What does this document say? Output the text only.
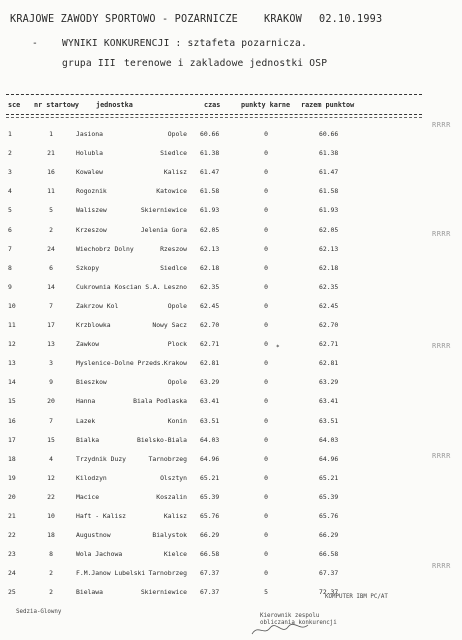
KRAJOWE ZAWODY SPORTOWO - POZARNICZE	KRAKOW 02.10.1993
-	WYNIKI KONKURENCJI : sztafeta pozarnicza.
grupa III terenowe i zakladowe jednostki OSP
sce nr startowy jednostka	czas	punkty karne razem punktow
1	1	Jasiona	Opole 60.66	0	60.66
2	21	Holubla	Siedlce 61.38	0	61.38
3	16	Kowalew	Kalisz 61.47	0	61.47
4	11	Rogoznik	Katowice 61.58	0	61.58
5	5	Waliszew	Skierniewice 61.93	0	61.93
6	2	Krzeszow	Jelenia Gora 62.05	0	62.05
7	24	Wiechobrz Dolny	Rzeszow 62.13	0	62.13
8	6	Szkopy	Siedlce 62.18	0	62.18
9	14	Cukrownia Koscian S.A. Leszno 62.35	0	62.35
10	7	Zakrzow Kol	Opole 62.45	0	62.45
11	17	Krzblowka	Nowy Sacz 62.70	0	62.70
12	13	Zawkow	Plock 62.71	0	62.71
13	3	Myslenice-Dolne Przeds. Krakow 62.81	0	62.81
14	9	Bieszkow	Opole 63.29	0	63.29
15	20	Hanna	Biala Podlaska 63.41	0	63.41
16	7	Lazek	Konin 63.51	0	63.51
17	15	Bialka	Bielsko-Biala 64.03	0	64.03
18	4	Trzydnik Duzy	Tarnobrzeg 64.96	0	64.96
19	12	Kilodzyn	Olsztyn 65.21	0	65.21
20	22	Macice	Koszalin 65.39	0	65.39
21	10	Haft - Kalisz	Kalisz 65.76	0	65.76
22	18	Augustnow	Bialystok 66.29	0	66.29
23	8	Wola Jachowa	Kielce 66.58	0	66.58
24	2	F.M.Janow Lubelski Tarnobrzeg 67.37	0	67.37
25	2	Bielawa	Skierniewice 67.37	5	72.37
*
RRRR
RRRR
RRRR
RRRR
RRRR
KOMPUTER IBM PC/AT
Sedzia-Glowny
Kierownik zespolu
obliczania konkurencji
